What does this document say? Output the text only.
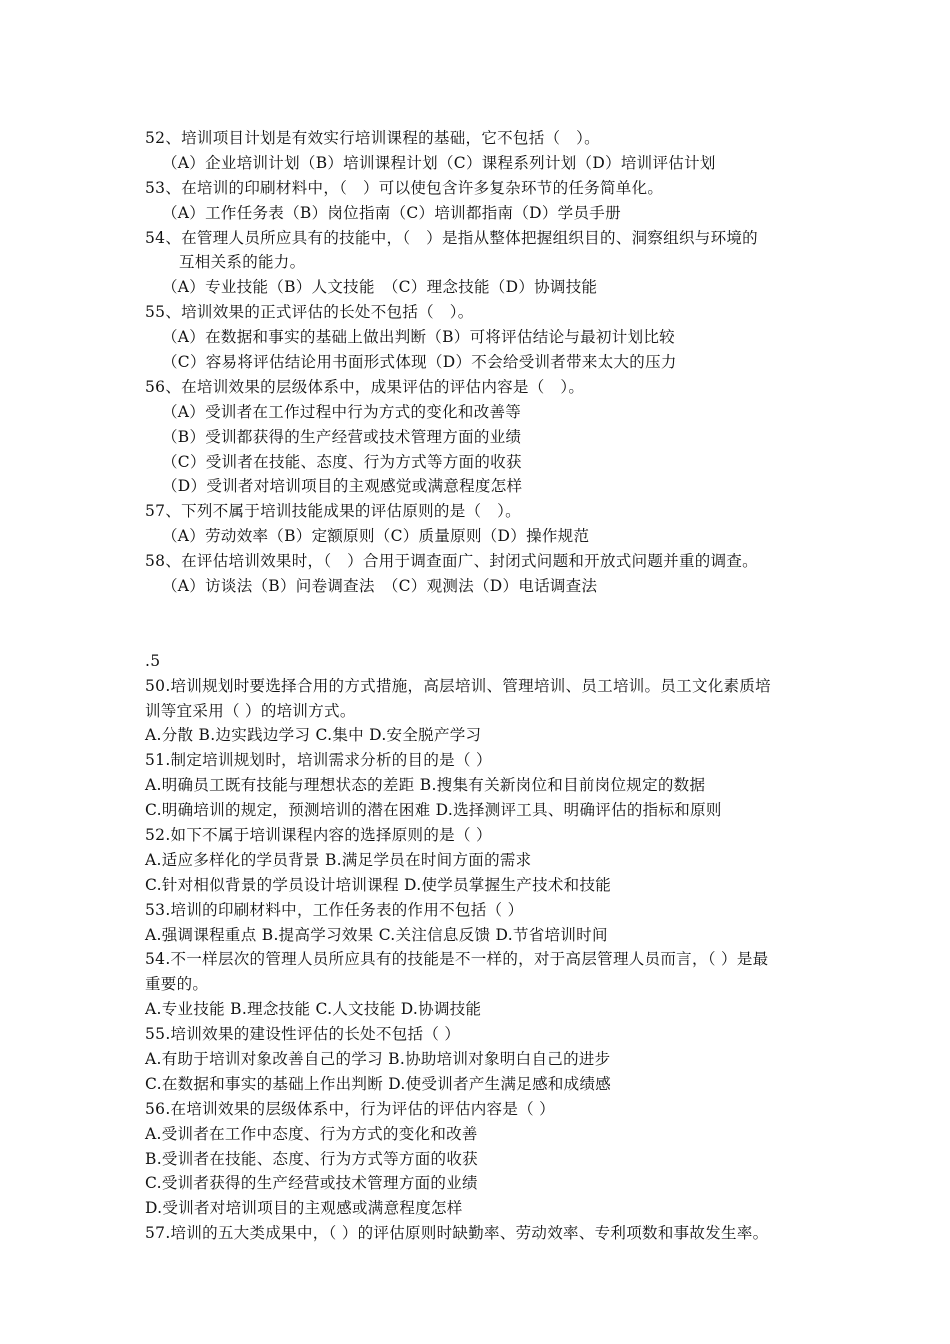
52、培训项目计划是有效实行培训课程的基础，它不包括（　）。
（A）企业培训计划（B）培训课程计划（C）课程系列计划（D）培训评估计划
53、在培训的印刷材料中，（　）可以使包含许多复杂环节的任务简单化。
（A）工作任务表（B）岗位指南（C）培训都指南（D）学员手册
54、在管理人员所应具有的技能中，（　）是指从整体把握组织目的、洞察组织与环境的
互相关系的能力。
（A）专业技能（B）人文技能　（C）理念技能（D）协调技能
55、培训效果的正式评估的长处不包括（　）。
（A）在数据和事实的基础上做出判断（B）可将评估结论与最初计划比较
（C）容易将评估结论用书面形式体现（D）不会给受训者带来太大的压力
56、在培训效果的层级体系中，成果评估的评估内容是（　）。
（A）受训者在工作过程中行为方式的变化和改善等
（B）受训都获得的生产经营或技术管理方面的业绩
（C）受训者在技能、态度、行为方式等方面的收获
（D）受训者对培训项目的主观感觉或满意程度怎样
57、下列不属于培训技能成果的评估原则的是（　）。
（A）劳动效率（B）定额原则（C）质量原则（D）操作规范
58、在评估培训效果时，（　）合用于调查面广、封闭式问题和开放式问题并重的调查。
（A）访谈法（B）问卷调查法　（C）观测法（D）电话调查法
.5
50.培训规划时要选择合用的方式措施，高层培训、管理培训、员工培训。员工文化素质培
训等宜采用（ ）的培训方式。
A.分散 B.边实践边学习 C.集中 D.安全脱产学习
51.制定培训规划时，培训需求分析的目的是（ ）
A.明确员工既有技能与理想状态的差距 B.搜集有关新岗位和目前岗位规定的数据
C.明确培训的规定，预测培训的潜在困难 D.选择测评工具、明确评估的指标和原则
52.如下不属于培训课程内容的选择原则的是（ ）
A.适应多样化的学员背景 B.满足学员在时间方面的需求
C.针对相似背景的学员设计培训课程 D.使学员掌握生产技术和技能
53.培训的印刷材料中，工作任务表的作用不包括（ ）
A.强调课程重点 B.提高学习效果 C.关注信息反馈 D.节省培训时间
54.不一样层次的管理人员所应具有的技能是不一样的，对于高层管理人员而言，（ ）是最
重要的。
A.专业技能 B.理念技能 C.人文技能 D.协调技能
55.培训效果的建设性评估的长处不包括（ ）
A.有助于培训对象改善自己的学习 B.协助培训对象明白自己的进步
C.在数据和事实的基础上作出判断 D.使受训者产生满足感和成绩感
56.在培训效果的层级体系中，行为评估的评估内容是（ ）
A.受训者在工作中态度、行为方式的变化和改善
B.受训者在技能、态度、行为方式等方面的收获
C.受训者获得的生产经营或技术管理方面的业绩
D.受训者对培训项目的主观感或满意程度怎样
57.培训的五大类成果中，（ ）的评估原则时缺勤率、劳动效率、专利项数和事故发生率。
